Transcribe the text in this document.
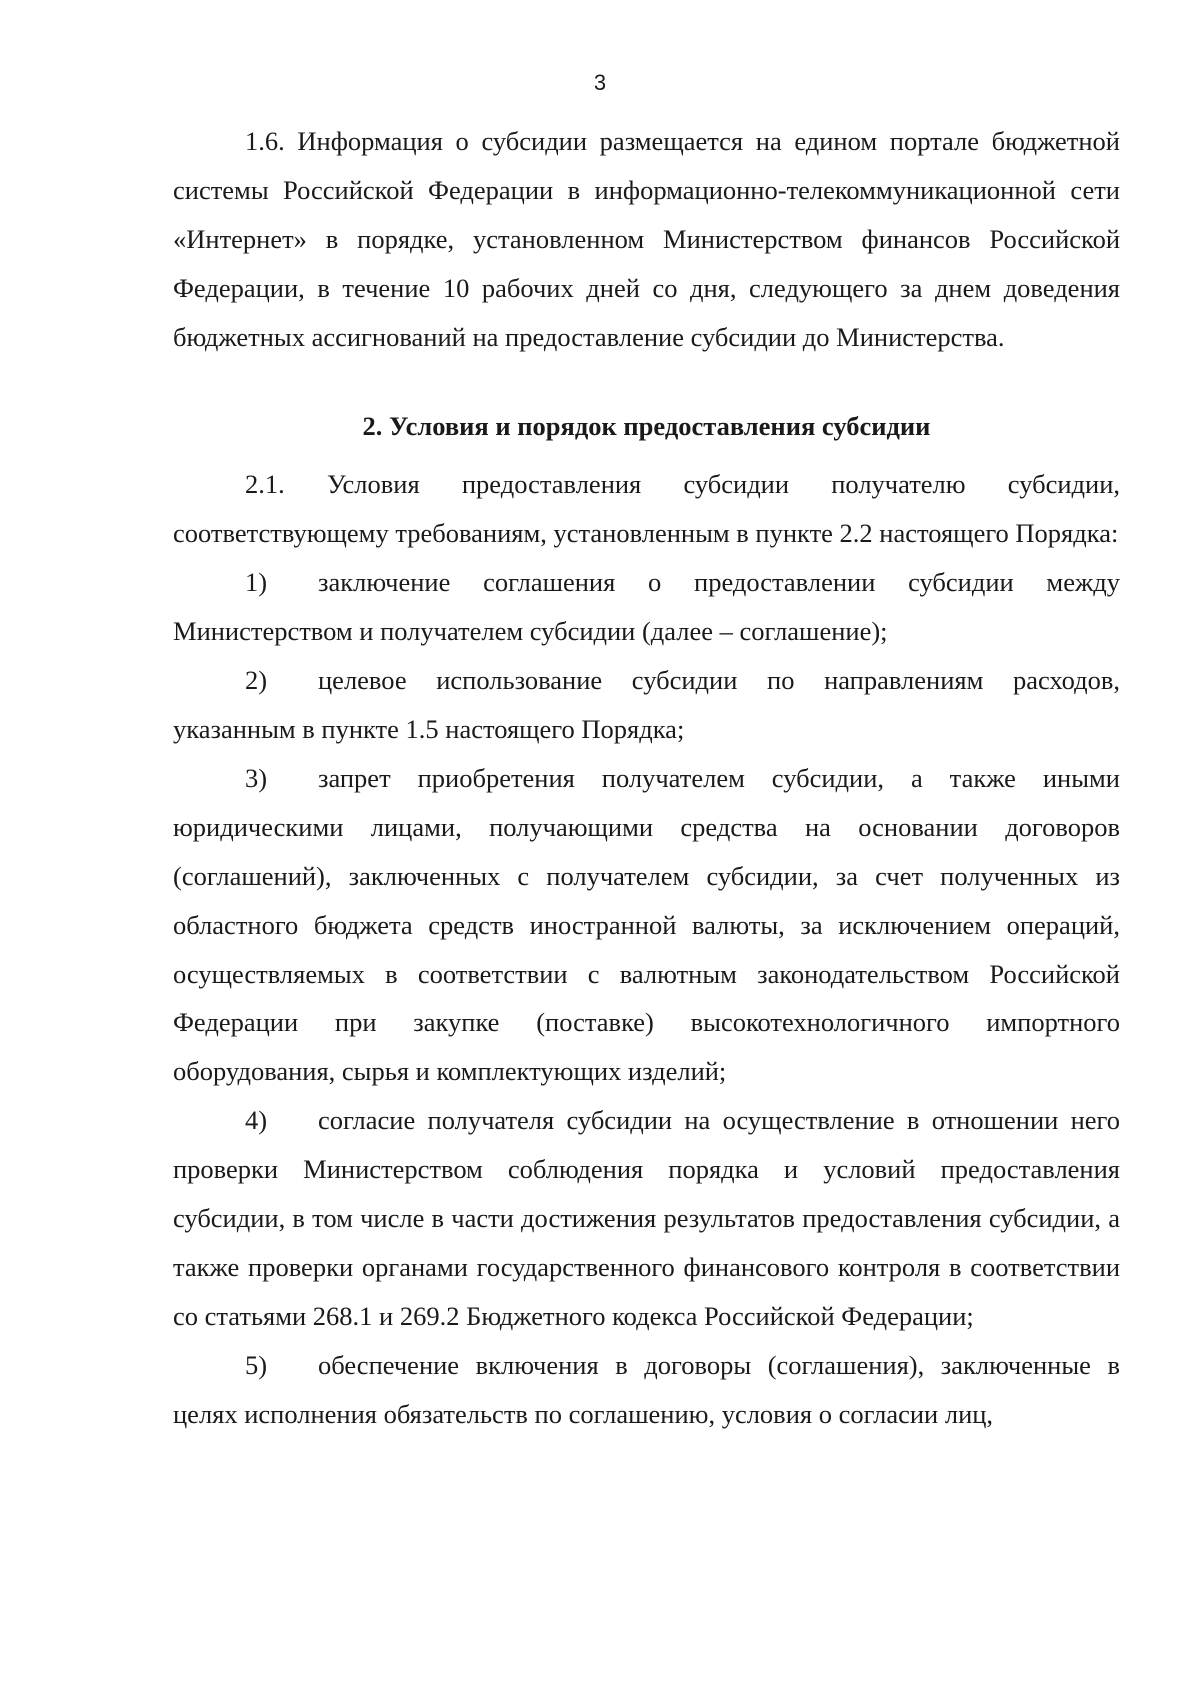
3

1.6. Информация о субсидии размещается на едином портале бюджетной системы Российской Федерации в информационно-телекоммуникационной сети «Интернет» в порядке, установленном Министерством финансов Российской Федерации, в течение 10 рабочих дней со дня, следующего за днем доведения бюджетных ассигнований на предоставление субсидии до Министерства.

2. Условия и порядок предоставления субсидии

2.1. Условия предоставления субсидии получателю субсидии, соответствующему требованиям, установленным в пункте 2.2 настоящего Порядка:

1) заключение соглашения о предоставлении субсидии между Министерством и получателем субсидии (далее – соглашение);

2) целевое использование субсидии по направлениям расходов, указанным в пункте 1.5 настоящего Порядка;

3) запрет приобретения получателем субсидии, а также иными юридическими лицами, получающими средства на основании договоров (соглашений), заключенных с получателем субсидии, за счет полученных из областного бюджета средств иностранной валюты, за исключением операций, осуществляемых в соответствии с валютным законодательством Российской Федерации при закупке (поставке) высокотехнологичного импортного оборудования, сырья и комплектующих изделий;

4) согласие получателя субсидии на осуществление в отношении него проверки Министерством соблюдения порядка и условий предоставления субсидии, в том числе в части достижения результатов предоставления субсидии, а также проверки органами государственного финансового контроля в соответствии со статьями 268.1 и 269.2 Бюджетного кодекса Российской Федерации;

5) обеспечение включения в договоры (соглашения), заключенные в целях исполнения обязательств по соглашению, условия о согласии лиц,
